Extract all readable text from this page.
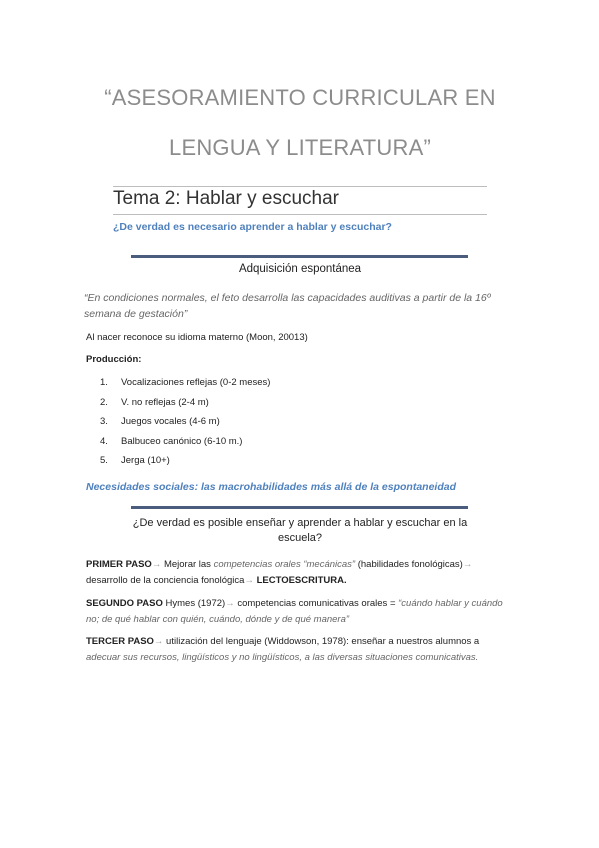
“ASESORAMIENTO CURRICULAR EN
LENGUA Y LITERATURA”
Tema 2: Hablar y escuchar
¿De verdad es necesario aprender a hablar y escuchar?
Adquisición espontánea
“En condiciones normales, el feto desarrolla las capacidades auditivas a partir de la 16º semana de gestación”
Al nacer reconoce su idioma materno (Moon, 20013)
Producción:
1. Vocalizaciones reflejas (0-2 meses)
2. V. no reflejas (2-4 m)
3. Juegos vocales (4-6 m)
4. Balbuceo canónico (6-10 m.)
5. Jerga (10+)
Necesidades sociales: las macrohabilidades más allá de la espontaneidad
¿De verdad es posible enseñar y aprender a hablar y escuchar en la escuela?
PRIMER PASO→ Mejorar las competencias orales “mecánicas” (habilidades fonológicas)→ desarrollo de la conciencia fonológica→ LECTOESCRITURA.
SEGUNDO PASO Hymes (1972)→ competencias comunicativas orales = “cuándo hablar y cuándo no; de qué hablar con quién, cuándo, dónde y de qué manera”
TERCER PASO→ utilización del lenguaje (Widdowson, 1978): enseñar a nuestros alumnos a adecuar sus recursos, lingüísticos y no lingüísticos, a las diversas situaciones comunicativas.
